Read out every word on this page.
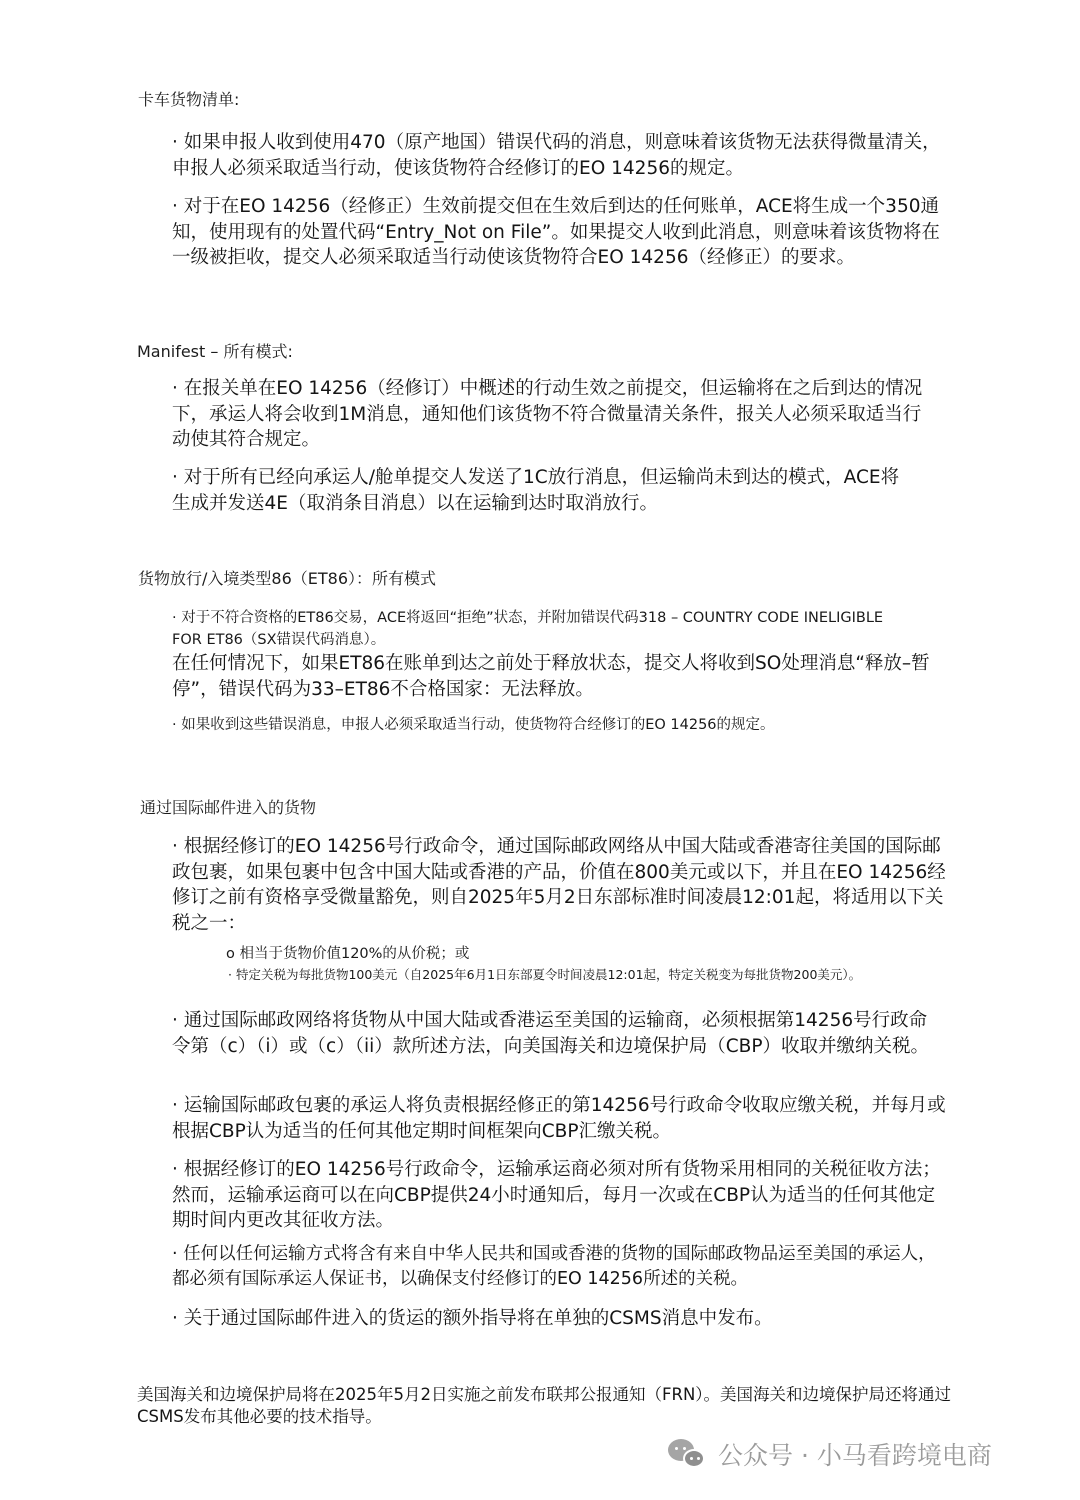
卡车货物清单:
· 如果申报人收到使用470（原产地国）错误代码的消息，则意味着该货物无法获得微量清关，申报人必须采取适当行动，使该货物符合经修订的EO 14256的规定。
· 对于在EO 14256（经修正）生效前提交但在生效后到达的任何账单，ACE将生成一个350通知，使用现有的处置代码“Entry_Not on File”。如果提交人收到此消息，则意味着该货物将在一级被拒收，提交人必须采取适当行动使该货物符合EO 14256（经修正）的要求。
Manifest – 所有模式:
· 在报关单在EO 14256（经修订）中概述的行动生效之前提交，但运输将在之后到达的情况下，承运人将会收到1M消息，通知他们该货物不符合微量清关条件，报关人必须采取适当行动使其符合规定。
· 对于所有已经向承运人/舱单提交人发送了1C放行消息，但运输尚未到达的模式，ACE将生成并发送4E（取消条目消息）以在运输到达时取消放行。
货物放行/入境类型86（ET86）：所有模式
· 对于不符合资格的ET86交易，ACE将返回“拒绝”状态，并附加错误代码318 – COUNTRY CODE INELIGIBLE FOR ET86（SX错误代码消息）。
在任何情况下，如果ET86在账单到达之前处于释放状态，提交人将收到SO处理消息“释放–暂停”，错误代码为33–ET86不合格国家：无法释放。
· 如果收到这些错误消息，申报人必须采取适当行动，使货物符合经修订的EO 14256的规定。
通过国际邮件进入的货物
· 根据经修订的EO 14256号行政命令，通过国际邮政网络从中国大陆或香港寄往美国的国际邮政包裹，如果包裹中包含中国大陆或香港的产品，价值在800美元或以下，并且在EO 14256经修订之前有资格享受微量豁免，则自2025年5月2日东部标准时间凌晨12:01起，将适用以下关税之一：
o 相当于货物价值120%的从价税；或
· 特定关税为每批货物100美元（自2025年6月1日东部夏令时间凌晨12:01起，特定关税变为每批货物200美元）。
· 通过国际邮政网络将货物从中国大陆或香港运至美国的运输商，必须根据第14256号行政命令第（c）（i）或（c）（ii）款所述方法，向美国海关和边境保护局（CBP）收取并缴纳关税。
· 运输国际邮政包裹的承运人将负责根据经修正的第14256号行政命令收取应缴关税，并每月或根据CBP认为适当的任何其他定期时间框架向CBP汇缴关税。
· 根据经修订的EO 14256号行政命令，运输承运商必须对所有货物采用相同的关税征收方法；然而，运输承运商可以在向CBP提供24小时通知后，每月一次或在CBP认为适当的任何其他定期时间内更改其征收方法。
· 任何以任何运输方式将含有来自中华人民共和国或香港的货物的国际邮政物品运至美国的承运人，都必须有国际承运人保证书，以确保支付经修订的EO 14256所述的关税。
· 关于通过国际邮件进入的货运的额外指导将在单独的CSMS消息中发布。
美国海关和边境保护局将在2025年5月2日实施之前发布联邦公报通知（FRN）。美国海关和边境保护局还将通过CSMS发布其他必要的技术指导。
公众号 · 小马看跨境电商
